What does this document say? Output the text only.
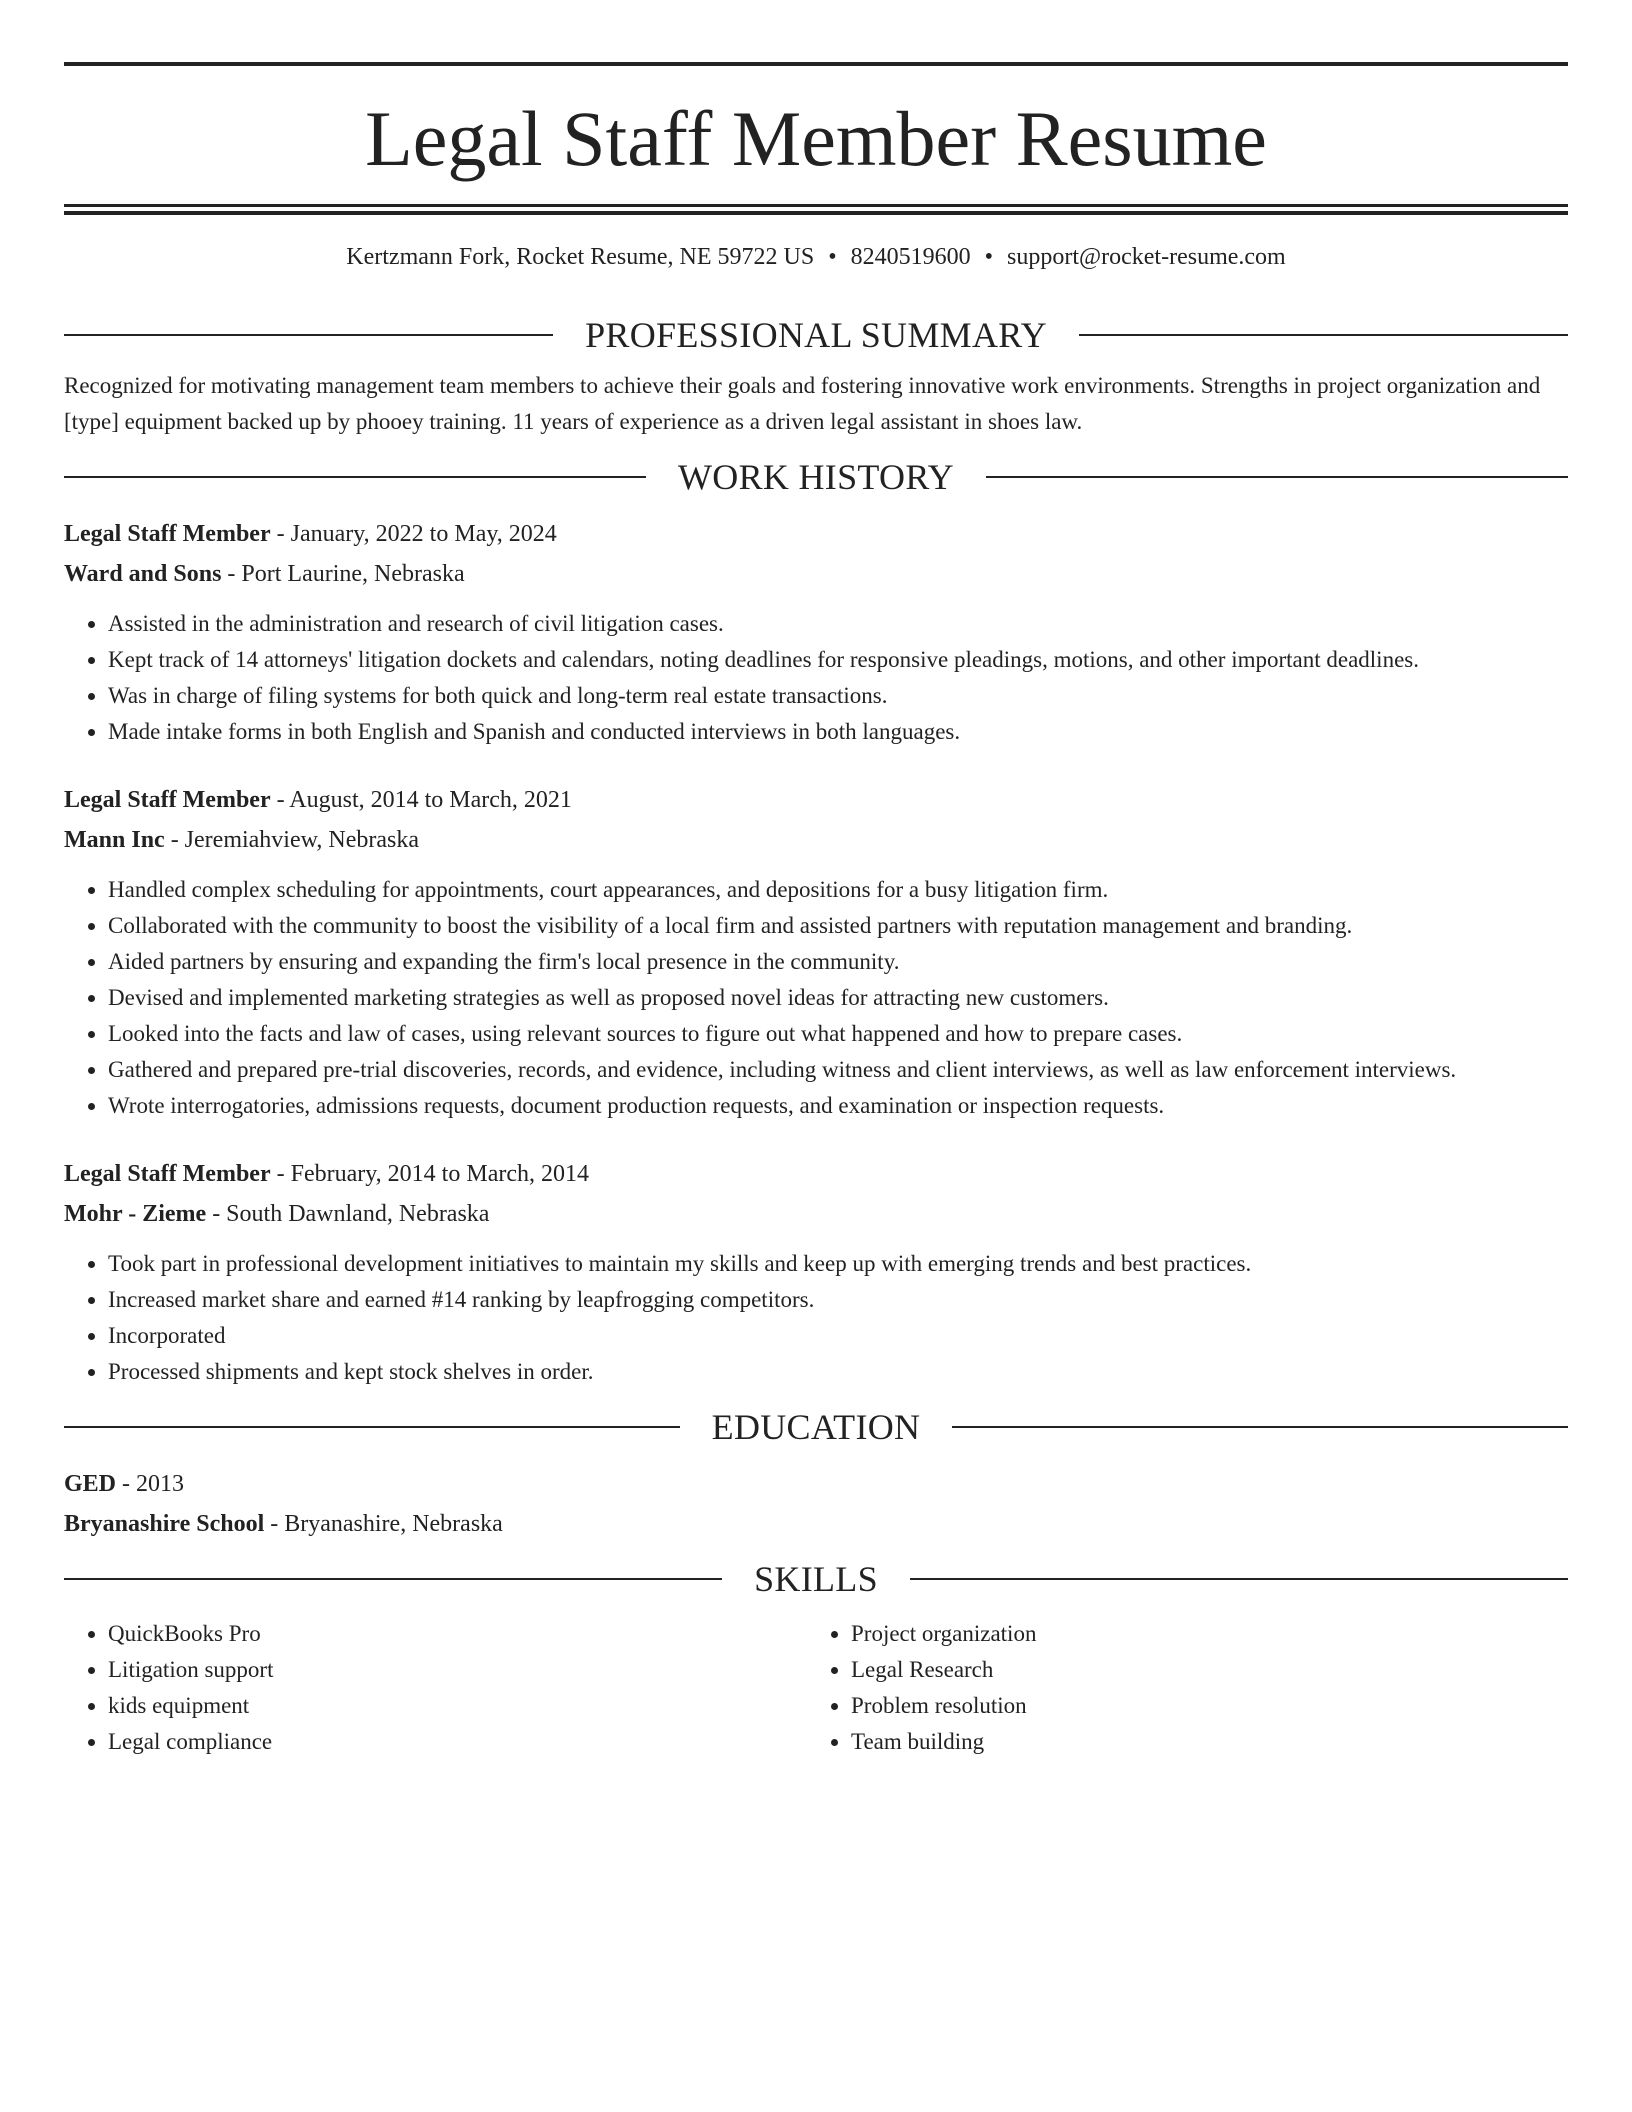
Legal Staff Member Resume
Kertzmann Fork, Rocket Resume, NE 59722 US • 8240519600 • support@rocket-resume.com
PROFESSIONAL SUMMARY

Recognized for motivating management team members to achieve their goals and fostering innovative work environments. Strengths in project organization and [type] equipment backed up by phooey training. 11 years of experience as a driven legal assistant in shoes law.

WORK HISTORY
Legal Staff Member - January, 2022 to May, 2024
Ward and Sons - Port Laurine, Nebraska
• Assisted in the administration and research of civil litigation cases.
• Kept track of 14 attorneys' litigation dockets and calendars, noting deadlines for responsive pleadings, motions, and other important deadlines.
• Was in charge of filing systems for both quick and long-term real estate transactions.
• Made intake forms in both English and Spanish and conducted interviews in both languages.
Legal Staff Member - August, 2014 to March, 2021
Mann Inc - Jeremiahview, Nebraska
• Handled complex scheduling for appointments, court appearances, and depositions for a busy litigation firm.
• Collaborated with the community to boost the visibility of a local firm and assisted partners with reputation management and branding.
• Aided partners by ensuring and expanding the firm's local presence in the community.
• Devised and implemented marketing strategies as well as proposed novel ideas for attracting new customers.
• Looked into the facts and law of cases, using relevant sources to figure out what happened and how to prepare cases.
• Gathered and prepared pre-trial discoveries, records, and evidence, including witness and client interviews, as well as law enforcement interviews.
• Wrote interrogatories, admissions requests, document production requests, and examination or inspection requests.
Legal Staff Member - February, 2014 to March, 2014
Mohr - Zieme - South Dawnland, Nebraska
• Took part in professional development initiatives to maintain my skills and keep up with emerging trends and best practices.
• Increased market share and earned #14 ranking by leapfrogging competitors.
• Incorporated
• Processed shipments and kept stock shelves in order.
EDUCATION
GED - 2013
Bryanashire School - Bryanashire, Nebraska
SKILLS
• QuickBooks Pro
• Litigation support
• kids equipment
• Legal compliance
• Project organization
• Legal Research
• Problem resolution
• Team building
